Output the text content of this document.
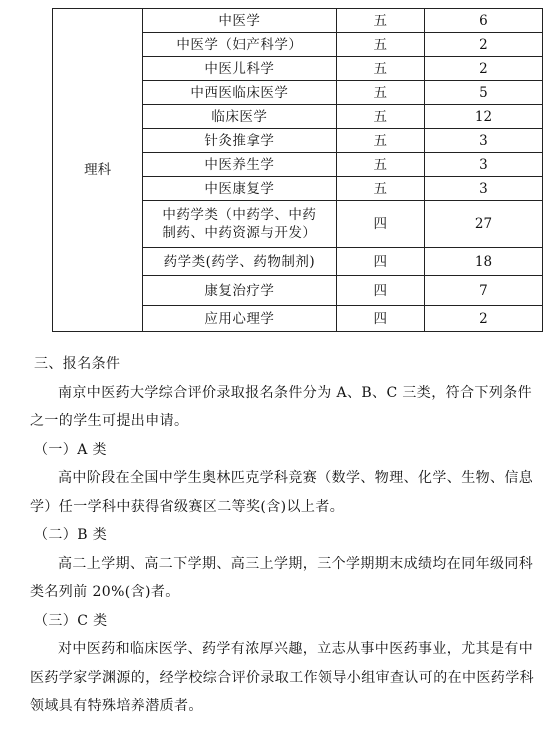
理科	中医学	五	6
	中医学（妇产科学）	五	2
	中医儿科学	五	2
	中西医临床医学	五	5
	临床医学	五	12
	针灸推拿学	五	3
	中医养生学	五	3
	中医康复学	五	3

	中药学类（中药学、中药
制药、中药资源与开发）	四	27
	药学类(药学、药物制剂)	四	18
	康复治疗学	四	7
	应用心理学	四	2

三、报名条件

南京中医药大学综合评价录取报名条件分为 A、B、C 三类，符合下列条件之一的学生可提出申请。

（一）A 类

高中阶段在全国中学生奥林匹克学科竞赛（数学、物理、化学、生物、信息学）任一学科中获得省级赛区二等奖(含)以上者。

（二）B 类

高二上学期、高二下学期、高三上学期，三个学期期末成绩均在同年级同科类名列前 20%(含)者。

（三）C 类

对中医药和临床医学、药学有浓厚兴趣，立志从事中医药事业，尤其是有中医药学家学渊源的，经学校综合评价录取工作领导小组审查认可的在中医药学科领域具有特殊培养潜质者。
